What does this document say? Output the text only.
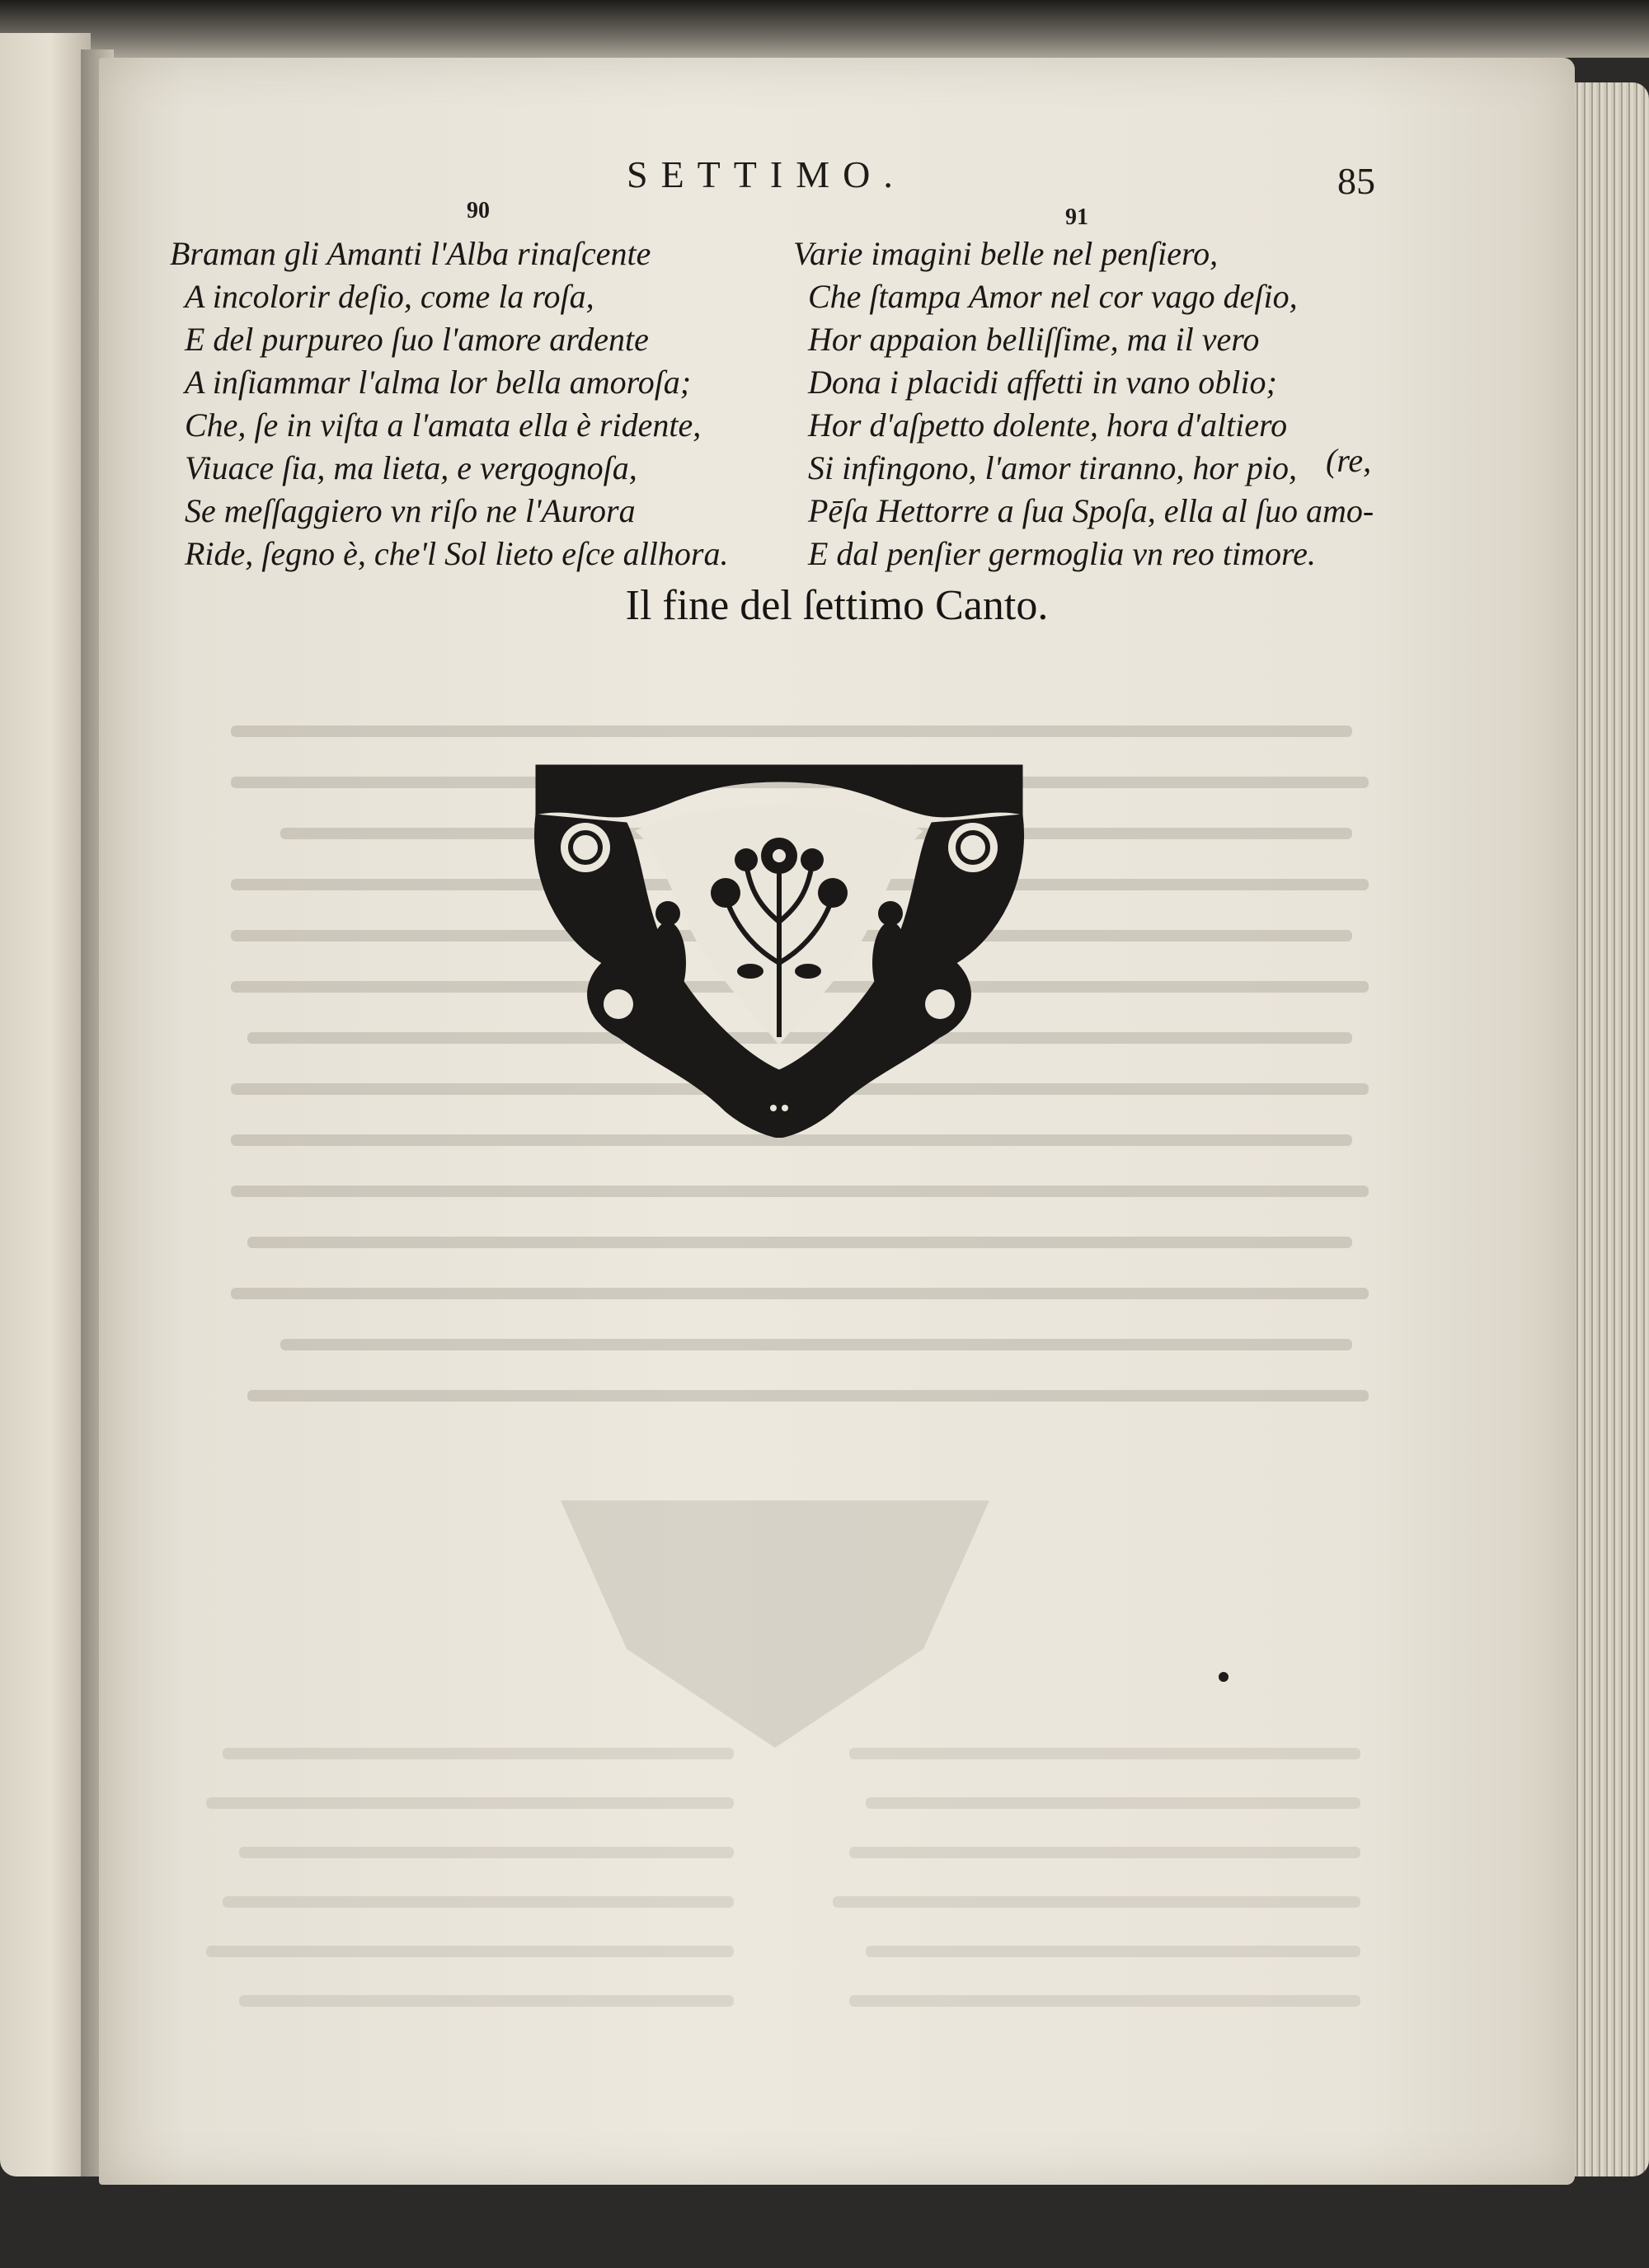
SETTIMO.	85
90	91
Braman gli Amanti l'Alba rinaſcente
A incolorir deſio, come la roſa,
E del purpureo ſuo l'amore ardente
A inſiammar l'alma lor bella amoroſa;
Che, ſe in viſta a l'amata ella è ridente,
Viuace ſia, ma lieta, e vergognoſa,
Se meſſaggiero vn riſo ne l'Aurora
Ride, ſegno è, che'l Sol lieto eſce allhora.
Varie imagini belle nel penſiero,
Che ſtampa Amor nel cor vago deſio,
Hor appaion belliſſime, ma il vero
Dona i placidi affetti in vano oblio;
Hor d'aſpetto dolente, hora d'altiero
Si infingono, l'amor tiranno, hor pio,
Pēſa Hettorre a ſua Spoſa, ella al ſuo amo-
E dal penſier germoglia vn reo timore.
(re,
Il fine del ſettimo Canto.
